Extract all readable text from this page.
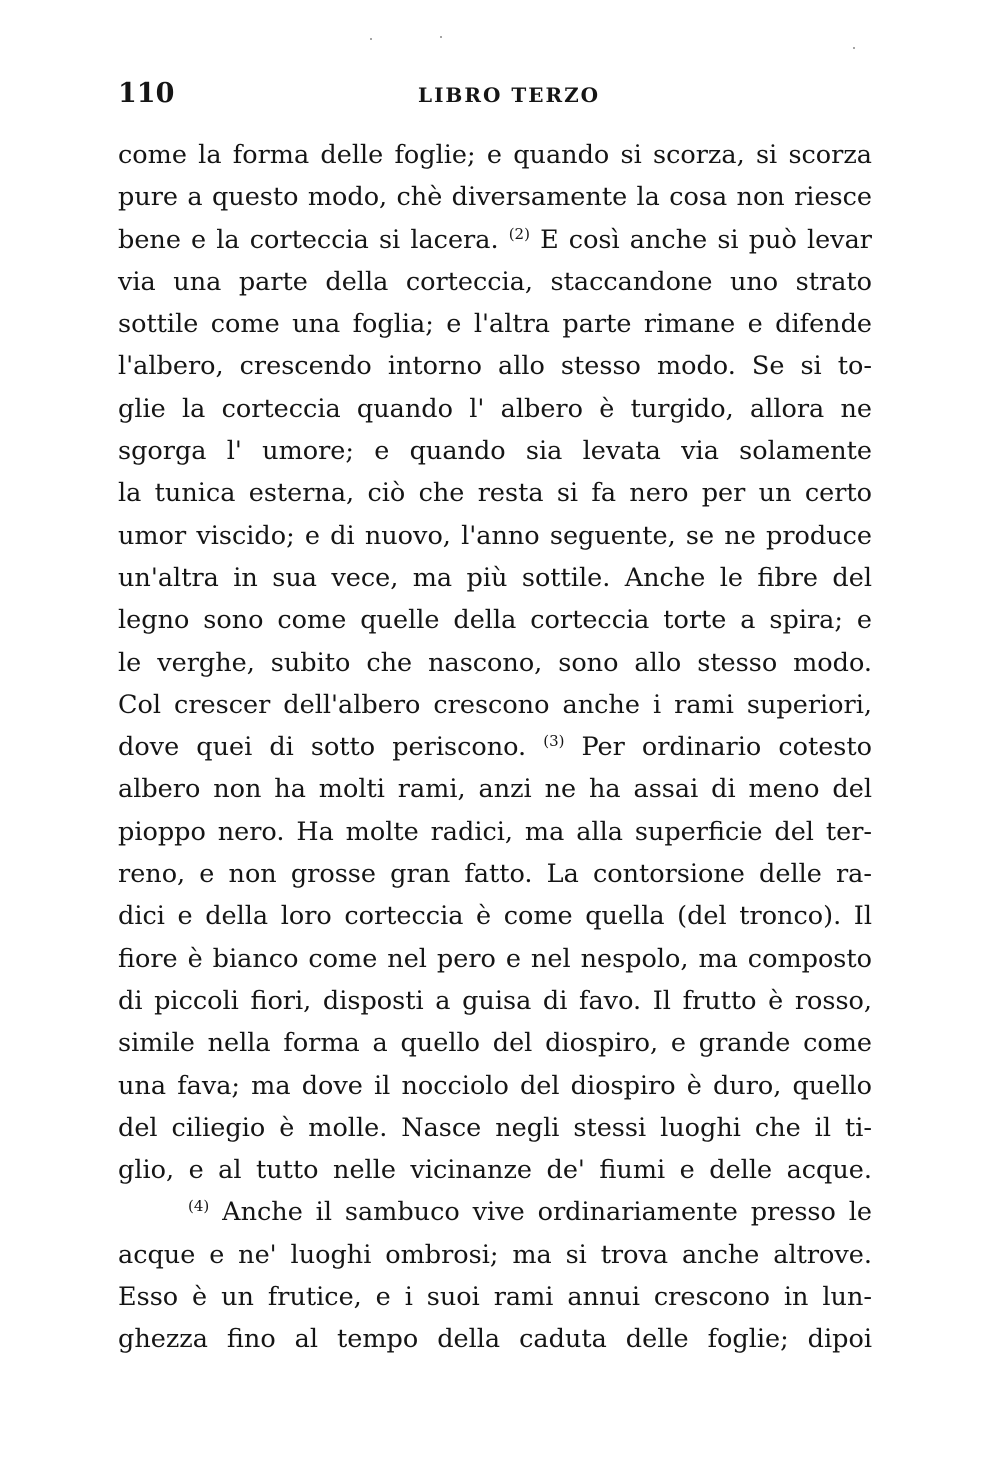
110	LIBRO TERZO
come la forma delle foglie; e quando si scorza, si scorza
pure a questo modo, chè diversamente la cosa non riesce
bene e la corteccia si lacera. $^{(2)}$ E così anche si può levar
via una parte della corteccia, staccandone uno strato
sottile come una foglia; e l'altra parte rimane e difende
l'albero, crescendo intorno allo stesso modo. Se si to-
glie la corteccia quando l' albero è turgido, allora ne
sgorga l' umore; e quando sia levata via solamente
la tunica esterna, ciò che resta si fa nero per un certo
umor viscido; e di nuovo, l'anno seguente, se ne produce
un'altra in sua vece, ma più sottile. Anche le fibre del
legno sono come quelle della corteccia torte a spira; e
le verghe, subito che nascono, sono allo stesso modo.
Col crescer dell'albero crescono anche i rami superiori,
dove quei di sotto periscono. $^{(3)}$ Per ordinario cotesto
albero non ha molti rami, anzi ne ha assai di meno del
pioppo nero. Ha molte radici, ma alla superficie del ter-
reno, e non grosse gran fatto. La contorsione delle ra-
dici e della loro corteccia è come quella (del tronco). Il
fiore è bianco come nel pero e nel nespolo, ma composto
di piccoli fiori, disposti a guisa di favo. Il frutto è rosso,
simile nella forma a quello del diospiro, e grande come
una fava; ma dove il nocciolo del diospiro è duro, quello
del ciliegio è molle. Nasce negli stessi luoghi che il ti-
glio, e al tutto nelle vicinanze de' fiumi e delle acque.
$^{(4)}$ Anche il sambuco vive ordinariamente presso le
acque e ne' luoghi ombrosi; ma si trova anche altrove.
Esso è un frutice, e i suoi rami annui crescono in lun-
ghezza fino al tempo della caduta delle foglie; dipoi
